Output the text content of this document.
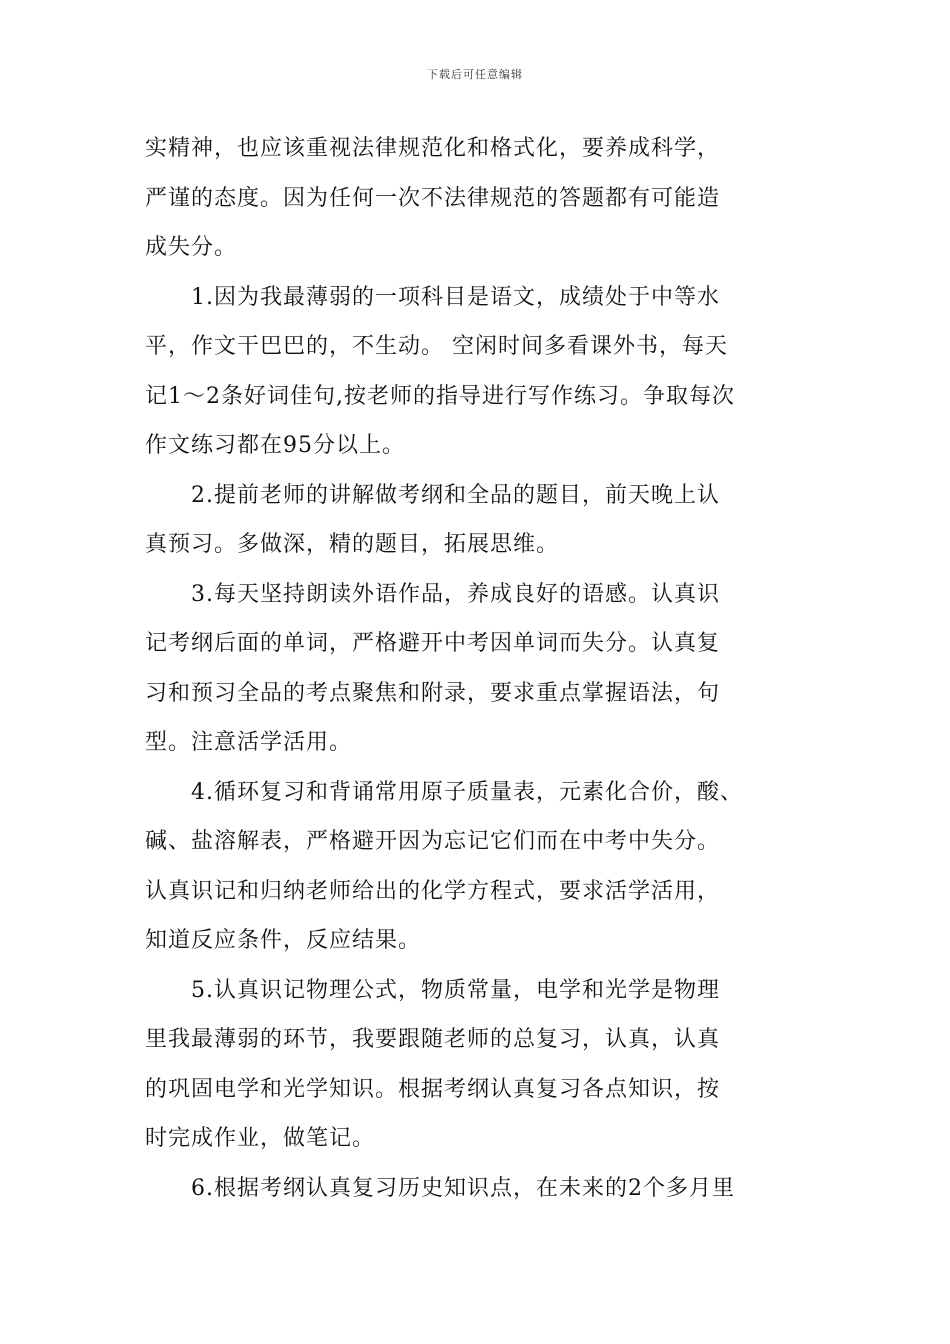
下载后可任意编辑
实精神，也应该重视法律规范化和格式化，要养成科学，
严谨的态度。因为任何一次不法律规范的答题都有可能造
成失分。
1.因为我最薄弱的一项科目是语文，成绩处于中等水
平，作文干巴巴的，不生动。 空闲时间多看课外书，每天
记1～2条好词佳句,按老师的指导进行写作练习。争取每次
作文练习都在95分以上。
2.提前老师的讲解做考纲和全品的题目，前天晚上认
真预习。多做深，精的题目，拓展思维。
3.每天坚持朗读外语作品，养成良好的语感。认真识
记考纲后面的单词，严格避开中考因单词而失分。认真复
习和预习全品的考点聚焦和附录，要求重点掌握语法，句
型。注意活学活用。
4.循环复习和背诵常用原子质量表，元素化合价，酸、
碱、盐溶解表，严格避开因为忘记它们而在中考中失分。
认真识记和归纳老师给出的化学方程式，要求活学活用，
知道反应条件，反应结果。
5.认真识记物理公式，物质常量，电学和光学是物理
里我最薄弱的环节，我要跟随老师的总复习，认真，认真
的巩固电学和光学知识。根据考纲认真复习各点知识，按
时完成作业，做笔记。
6.根据考纲认真复习历史知识点，在未来的2个多月里
